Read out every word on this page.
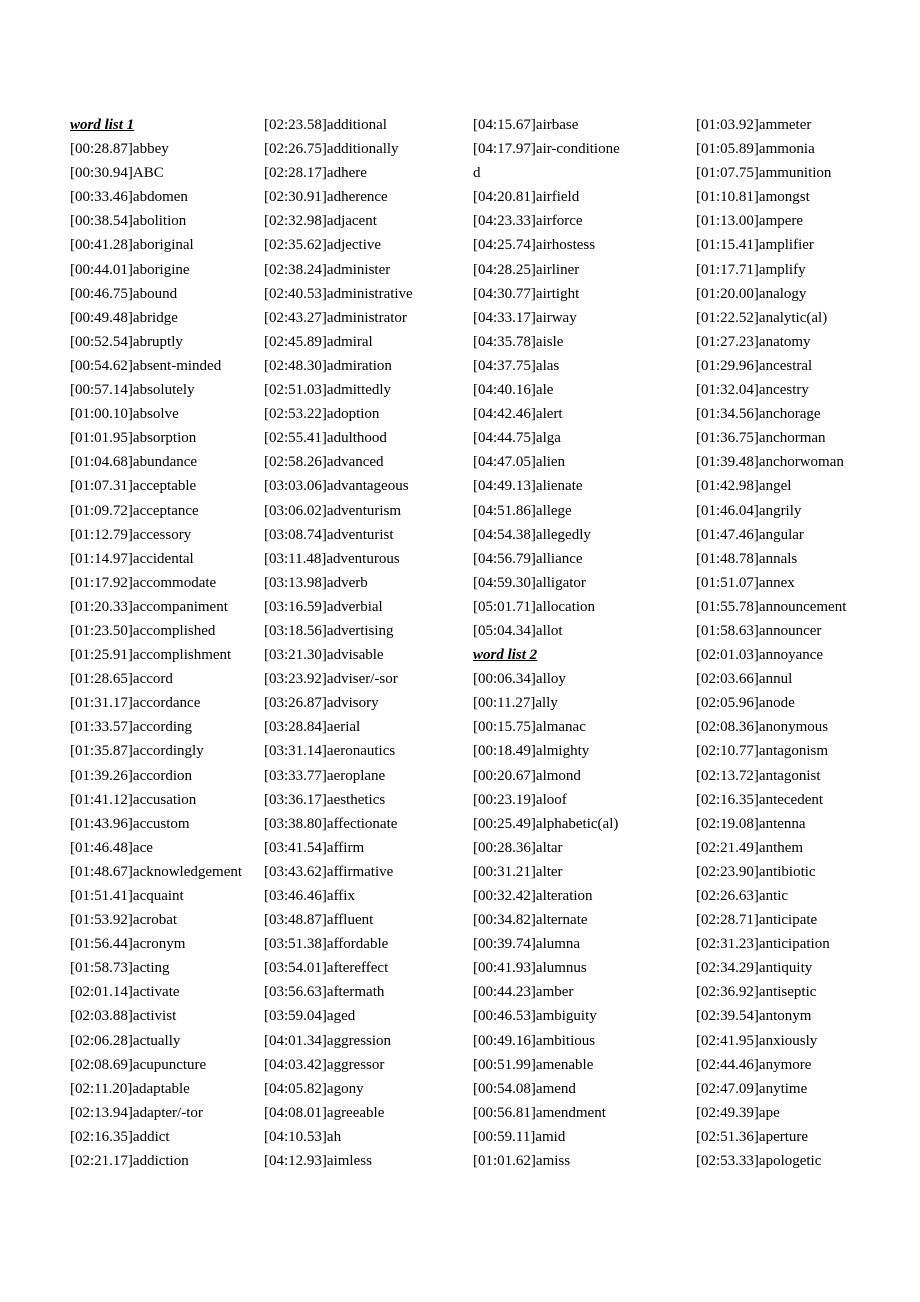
word list 1
[00:28.87]abbey
[00:30.94]ABC
[00:33.46]abdomen
[00:38.54]abolition
[00:41.28]aboriginal
[00:44.01]aborigine
[00:46.75]abound
[00:49.48]abridge
[00:52.54]abruptly
[00:54.62]absent-minded
[00:57.14]absolutely
[01:00.10]absolve
[01:01.95]absorption
[01:04.68]abundance
[01:07.31]acceptable
[01:09.72]acceptance
[01:12.79]accessory
[01:14.97]accidental
[01:17.92]accommodate
[01:20.33]accompaniment
[01:23.50]accomplished
[01:25.91]accomplishment
[01:28.65]accord
[01:31.17]accordance
[01:33.57]according
[01:35.87]accordingly
[01:39.26]accordion
[01:41.12]accusation
[01:43.96]accustom
[01:46.48]ace
[01:48.67]acknowledgement
[01:51.41]acquaint
[01:53.92]acrobat
[01:56.44]acronym
[01:58.73]acting
[02:01.14]activate
[02:03.88]activist
[02:06.28]actually
[02:08.69]acupuncture
[02:11.20]adaptable
[02:13.94]adapter/-tor
[02:16.35]addict
[02:21.17]addiction
[02:23.58]additional
[02:26.75]additionally
[02:28.17]adhere
[02:30.91]adherence
[02:32.98]adjacent
[02:35.62]adjective
[02:38.24]administer
[02:40.53]administrative
[02:43.27]administrator
[02:45.89]admiral
[02:48.30]admiration
[02:51.03]admittedly
[02:53.22]adoption
[02:55.41]adulthood
[02:58.26]advanced
[03:03.06]advantageous
[03:06.02]adventurism
[03:08.74]adventurist
[03:11.48]adventurous
[03:13.98]adverb
[03:16.59]adverbial
[03:18.56]advertising
[03:21.30]advisable
[03:23.92]adviser/-sor
[03:26.87]advisory
[03:28.84]aerial
[03:31.14]aeronautics
[03:33.77]aeroplane
[03:36.17]aesthetics
[03:38.80]affectionate
[03:41.54]affirm
[03:43.62]affirmative
[03:46.46]affix
[03:48.87]affluent
[03:51.38]affordable
[03:54.01]aftereffect
[03:56.63]aftermath
[03:59.04]aged
[04:01.34]aggression
[04:03.42]aggressor
[04:05.82]agony
[04:08.01]agreeable
[04:10.53]ah
[04:12.93]aimless
[04:15.67]airbase
[04:17.97]air-conditione
d
[04:20.81]airfield
[04:23.33]airforce
[04:25.74]airhostess
[04:28.25]airliner
[04:30.77]airtight
[04:33.17]airway
[04:35.78]aisle
[04:37.75]alas
[04:40.16]ale
[04:42.46]alert
[04:44.75]alga
[04:47.05]alien
[04:49.13]alienate
[04:51.86]allege
[04:54.38]allegedly
[04:56.79]alliance
[04:59.30]alligator
[05:01.71]allocation
[05:04.34]allot
word list 2
[00:06.34]alloy
[00:11.27]ally
[00:15.75]almanac
[00:18.49]almighty
[00:20.67]almond
[00:23.19]aloof
[00:25.49]alphabetic(al)
[00:28.36]altar
[00:31.21]alter
[00:32.42]alteration
[00:34.82]alternate
[00:39.74]alumna
[00:41.93]alumnus
[00:44.23]amber
[00:46.53]ambiguity
[00:49.16]ambitious
[00:51.99]amenable
[00:54.08]amend
[00:56.81]amendment
[00:59.11]amid
[01:01.62]amiss
[01:03.92]ammeter
[01:05.89]ammonia
[01:07.75]ammunition
[01:10.81]amongst
[01:13.00]ampere
[01:15.41]amplifier
[01:17.71]amplify
[01:20.00]analogy
[01:22.52]analytic(al)
[01:27.23]anatomy
[01:29.96]ancestral
[01:32.04]ancestry
[01:34.56]anchorage
[01:36.75]anchorman
[01:39.48]anchorwoman
[01:42.98]angel
[01:46.04]angrily
[01:47.46]angular
[01:48.78]annals
[01:51.07]annex
[01:55.78]announcement
[01:58.63]announcer
[02:01.03]annoyance
[02:03.66]annul
[02:05.96]anode
[02:08.36]anonymous
[02:10.77]antagonism
[02:13.72]antagonist
[02:16.35]antecedent
[02:19.08]antenna
[02:21.49]anthem
[02:23.90]antibiotic
[02:26.63]antic
[02:28.71]anticipate
[02:31.23]anticipation
[02:34.29]antiquity
[02:36.92]antiseptic
[02:39.54]antonym
[02:41.95]anxiously
[02:44.46]anymore
[02:47.09]anytime
[02:49.39]ape
[02:51.36]aperture
[02:53.33]apologetic
